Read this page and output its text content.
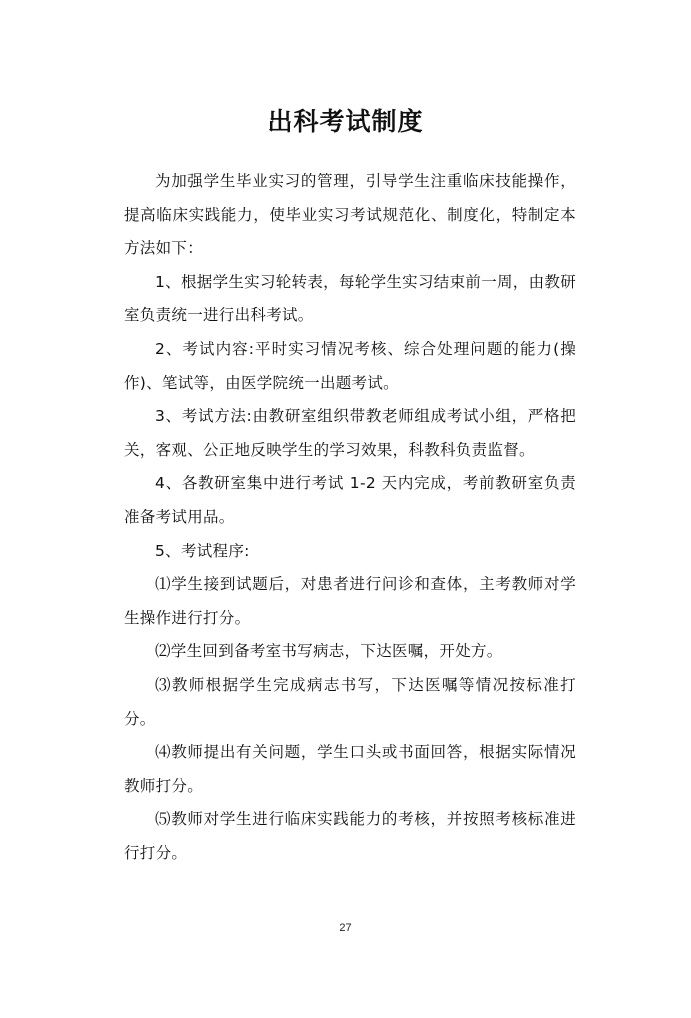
出科考试制度

为加强学生毕业实习的管理，引导学生注重临床技能操作，提高临床实践能力，使毕业实习考试规范化、制度化，特制定本方法如下：

1、根据学生实习轮转表，每轮学生实习结束前一周，由教研室负责统一进行出科考试。

2、考试内容:平时实习情况考核、综合处理问题的能力(操作)、笔试等，由医学院统一出题考试。

3、考试方法:由教研室组织带教老师组成考试小组，严格把关，客观、公正地反映学生的学习效果，科教科负责监督。

4、各教研室集中进行考试 1-2 天内完成，考前教研室负责准备考试用品。

5、考试程序:

⑴学生接到试题后，对患者进行问诊和查体，主考教师对学生操作进行打分。

⑵学生回到备考室书写病志，下达医嘱，开处方。

⑶教师根据学生完成病志书写，下达医嘱等情况按标准打分。

⑷教师提出有关问题，学生口头或书面回答，根据实际情况教师打分。

⑸教师对学生进行临床实践能力的考核，并按照考核标准进行打分。

27
